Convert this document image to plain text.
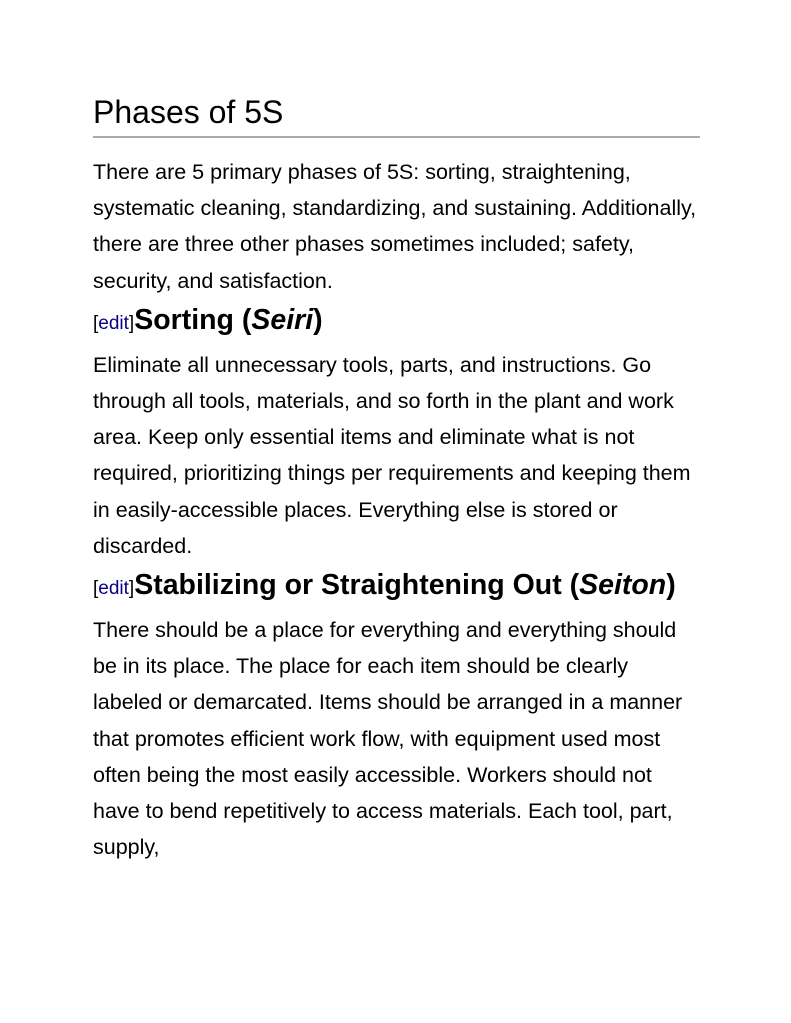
Phases of 5S

There are 5 primary phases of 5S: sorting, straightening, systematic cleaning, standardizing, and sustaining. Additionally, there are three other phases sometimes included; safety, security, and satisfaction.

[edit]Sorting (Seiri)

Eliminate all unnecessary tools, parts, and instructions. Go through all tools, materials, and so forth in the plant and work area. Keep only essential items and eliminate what is not required, prioritizing things per requirements and keeping them in easily-accessible places. Everything else is stored or discarded.

[edit]Stabilizing or Straightening Out (Seiton)

There should be a place for everything and everything should be in its place. The place for each item should be clearly labeled or demarcated. Items should be arranged in a manner that promotes efficient work flow, with equipment used most often being the most easily accessible. Workers should not have to bend repetitively to access materials. Each tool, part, supply,
